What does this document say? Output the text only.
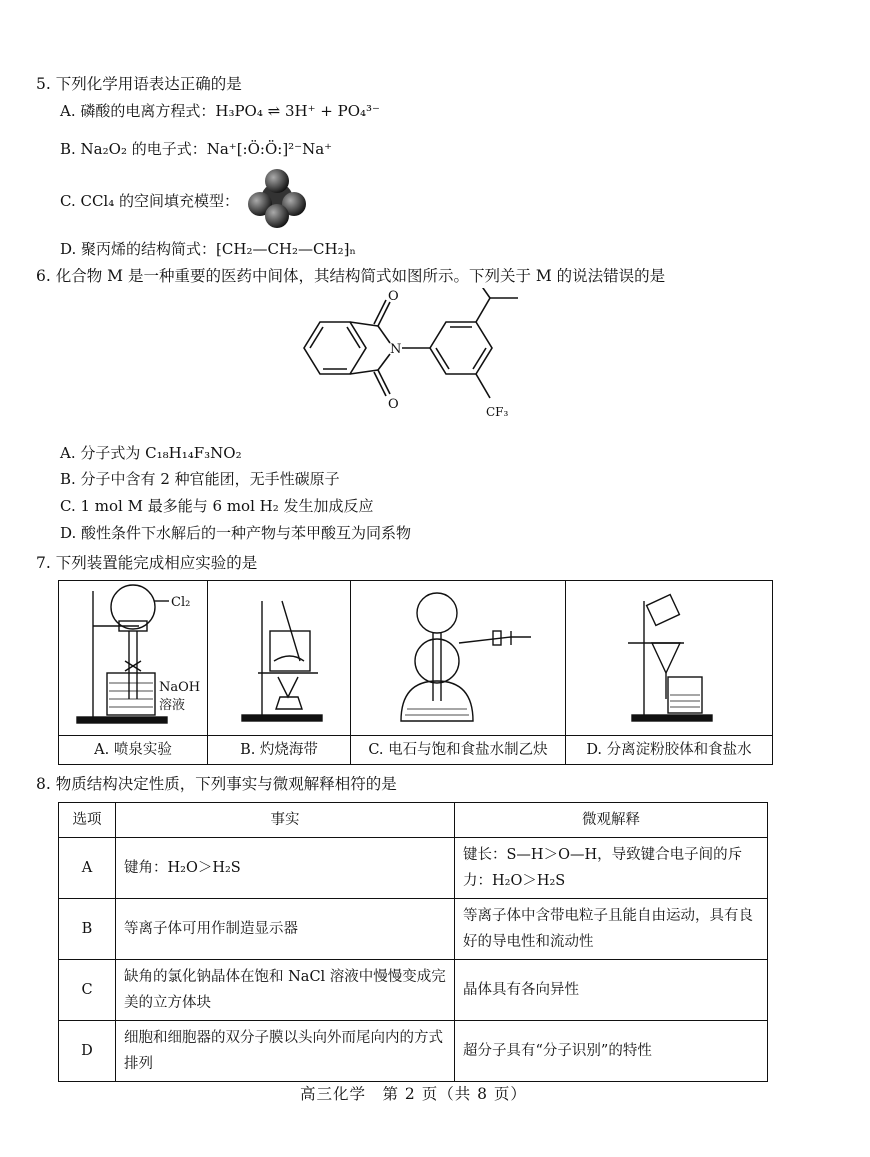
5. 下列化学用语表达正确的是
A. 磷酸的电离方程式：H₃PO₄ ⇌ 3H⁺ + PO₄³⁻
B. Na₂O₂ 的电子式：Na⁺[:Ö:Ö:]²⁻Na⁺
C. CCl₄ 的空间填充模型：
D. 聚丙烯的结构简式：⁅CH₂—CH₂—CH₂⁆ₙ
6. 化合物 M 是一种重要的医药中间体，其结构简式如图所示。下列关于 M 的说法错误的是
O
O
N
CF₃
A. 分子式为 C₁₈H₁₄F₃NO₂
B. 分子中含有 2 种官能团，无手性碳原子
C. 1 mol M 最多能与 6 mol H₂ 发生加成反应
D. 酸性条件下水解后的一种产物与苯甲酸互为同系物
7. 下列装置能完成相应实验的是
Cl₂
NaOH
溶液

A. 喷泉实验	B. 灼烧海带	C. 电石与饱和食盐水制乙炔	D. 分离淀粉胶体和食盐水
8. 物质结构决定性质，下列事实与微观解释相符的是
选项	事实	微观解释
A	键角：H₂O＞H₂S	键长：S—H＞O—H，导致键合电子间的斥力：H₂O＞H₂S
B	等离子体可用作制造显示器	等离子体中含带电粒子且能自由运动，具有良好的导电性和流动性
C	缺角的氯化钠晶体在饱和 NaCl 溶液中慢慢变成完美的立方体块	晶体具有各向异性
D	细胞和细胞器的双分子膜以头向外而尾向内的方式排列	超分子具有“分子识别”的特性
高三化学　第 2 页（共 8 页）
